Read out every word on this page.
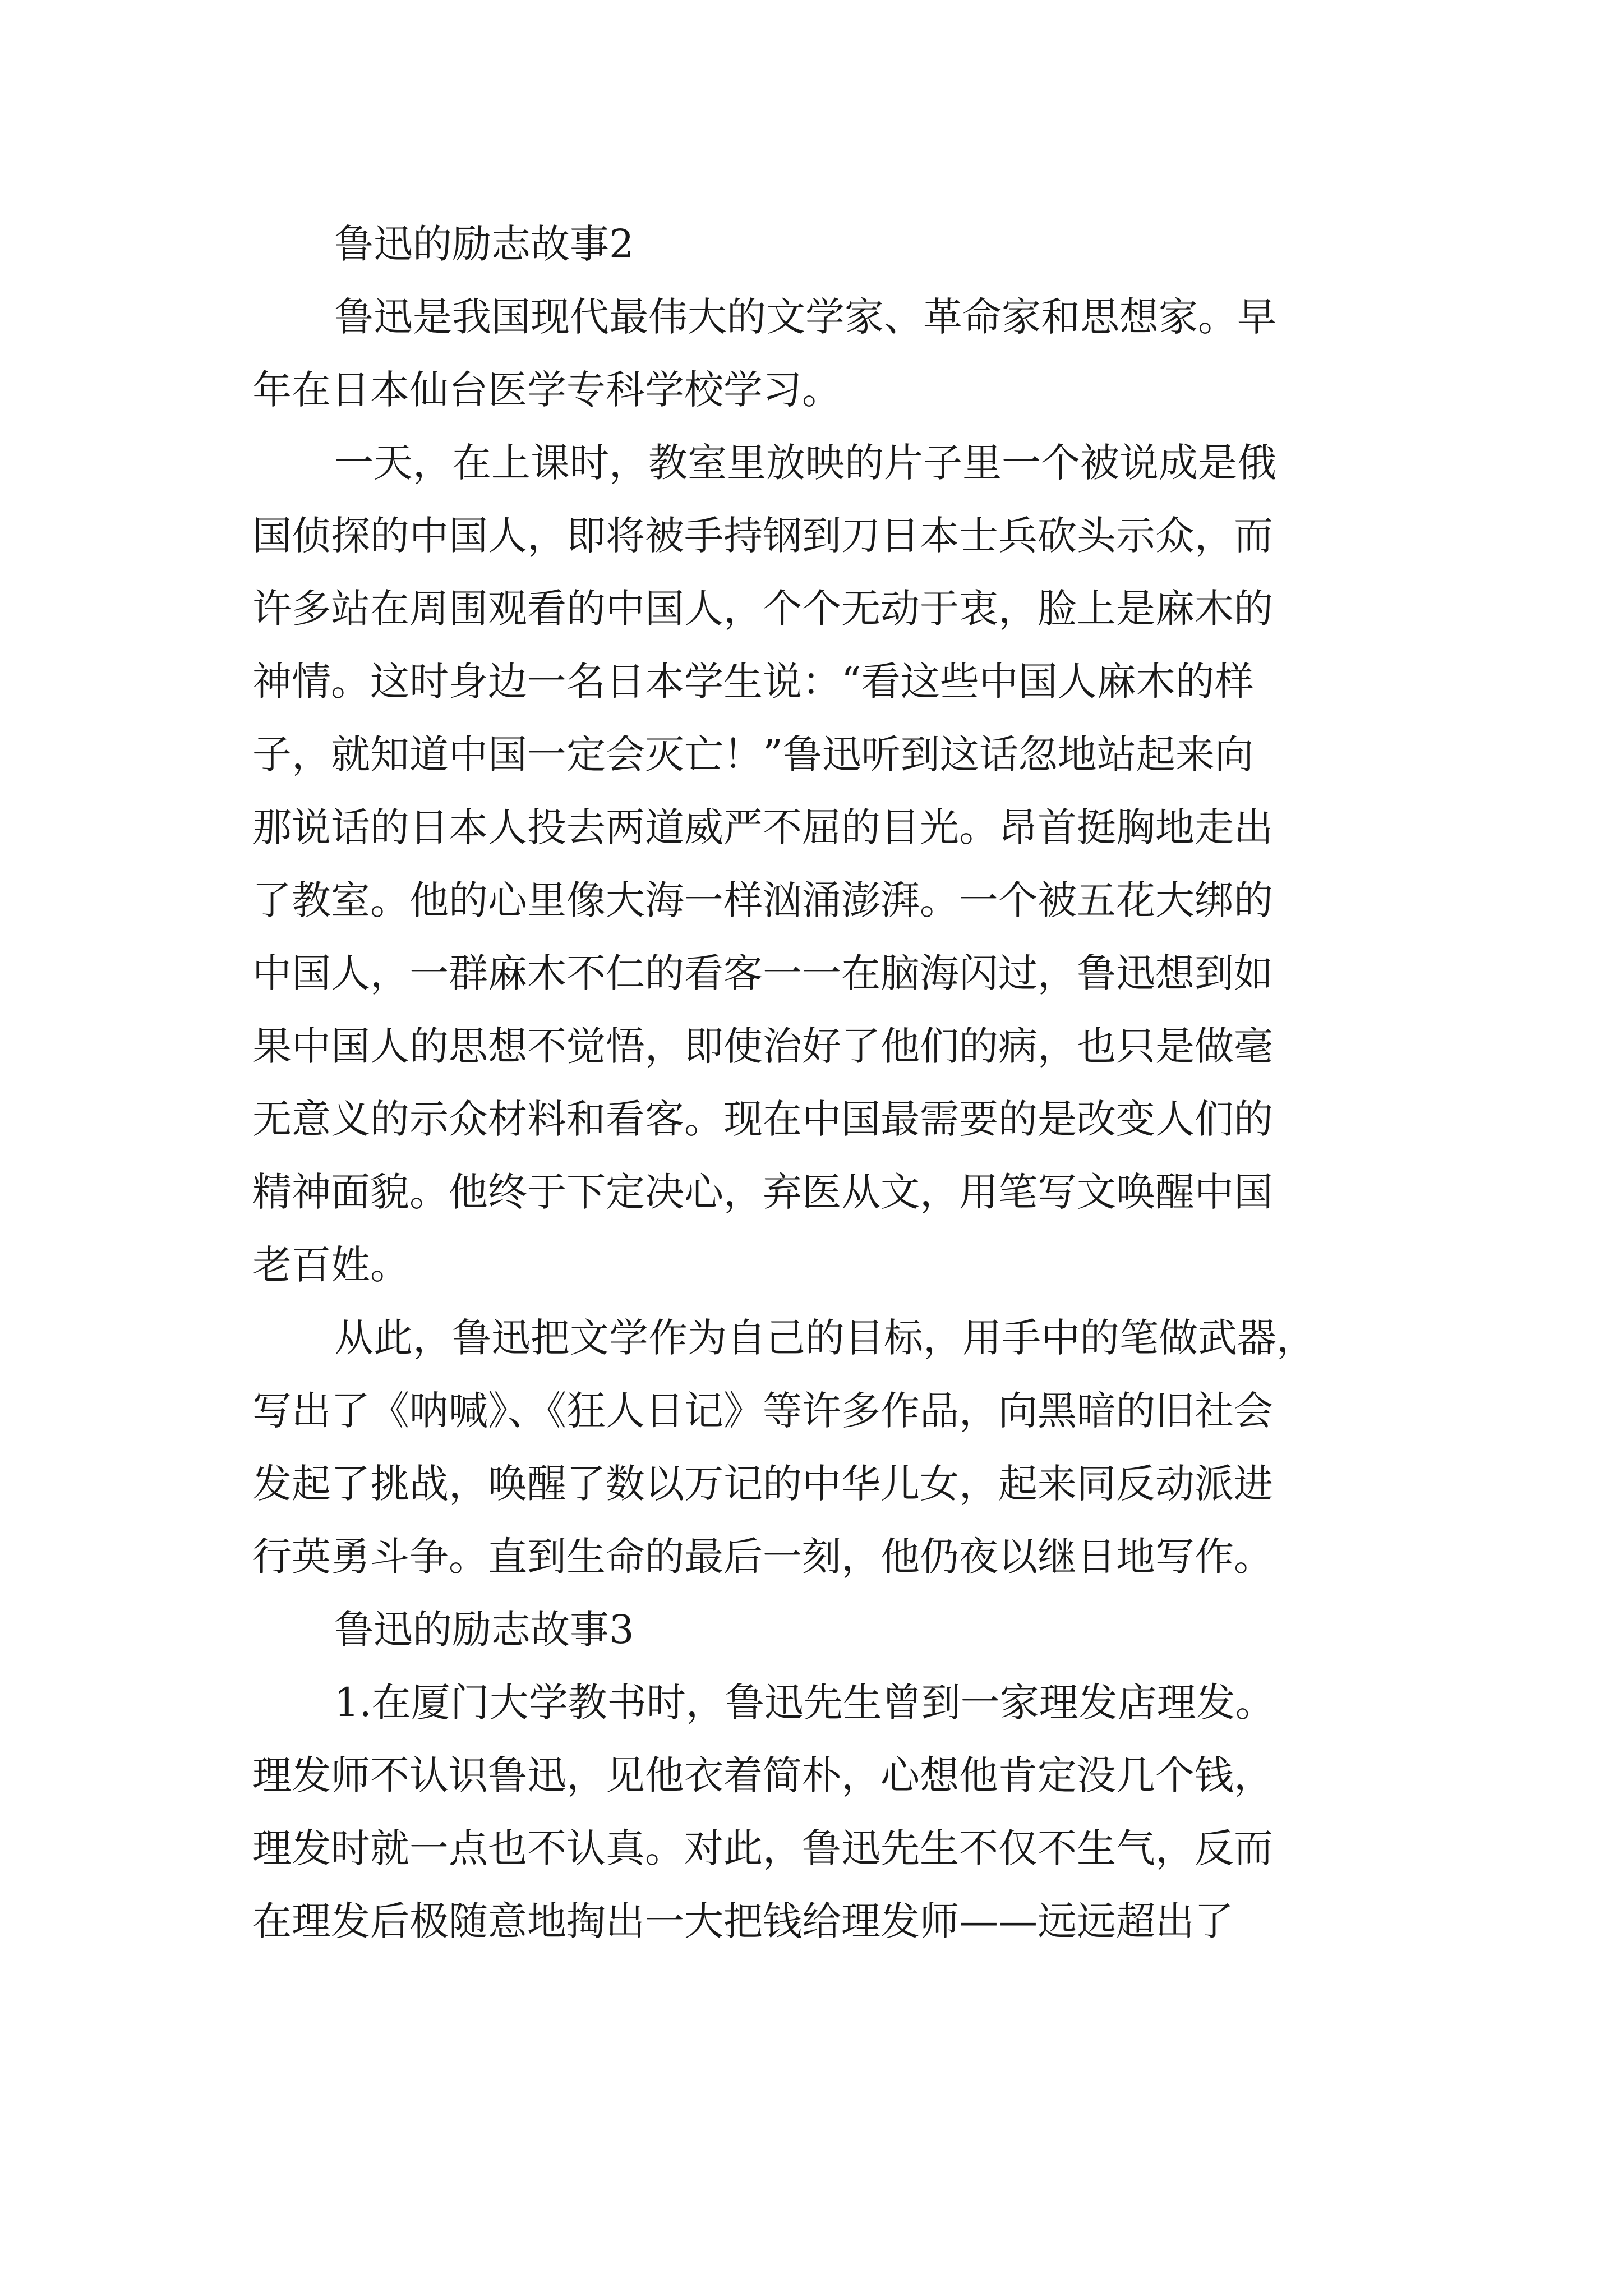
鲁迅的励志故事2
鲁迅是我国现代最伟大的文学家、革命家和思想家。早
年在日本仙台医学专科学校学习。
一天，在上课时，教室里放映的片子里一个被说成是俄
国侦探的中国人，即将被手持钢到刀日本士兵砍头示众，而
许多站在周围观看的中国人，个个无动于衷，脸上是麻木的
神情。这时身边一名日本学生说：“看这些中国人麻木的样
子，就知道中国一定会灭亡！”鲁迅听到这话忽地站起来向
那说话的日本人投去两道威严不屈的目光。昂首挺胸地走出
了教室。他的心里像大海一样汹涌澎湃。一个被五花大绑的
中国人，一群麻木不仁的看客一一在脑海闪过，鲁迅想到如
果中国人的思想不觉悟，即使治好了他们的病，也只是做毫
无意义的示众材料和看客。现在中国最需要的是改变人们的
精神面貌。他终于下定决心，弃医从文，用笔写文唤醒中国
老百姓。
从此，鲁迅把文学作为自己的目标，用手中的笔做武器，
写出了《呐喊》、《狂人日记》等许多作品，向黑暗的旧社会
发起了挑战，唤醒了数以万记的中华儿女，起来同反动派进
行英勇斗争。直到生命的最后一刻，他仍夜以继日地写作。
鲁迅的励志故事3
1.在厦门大学教书时，鲁迅先生曾到一家理发店理发。
理发师不认识鲁迅，见他衣着简朴，心想他肯定没几个钱，
理发时就一点也不认真。对此，鲁迅先生不仅不生气，反而
在理发后极随意地掏出一大把钱给理发师——远远超出了
